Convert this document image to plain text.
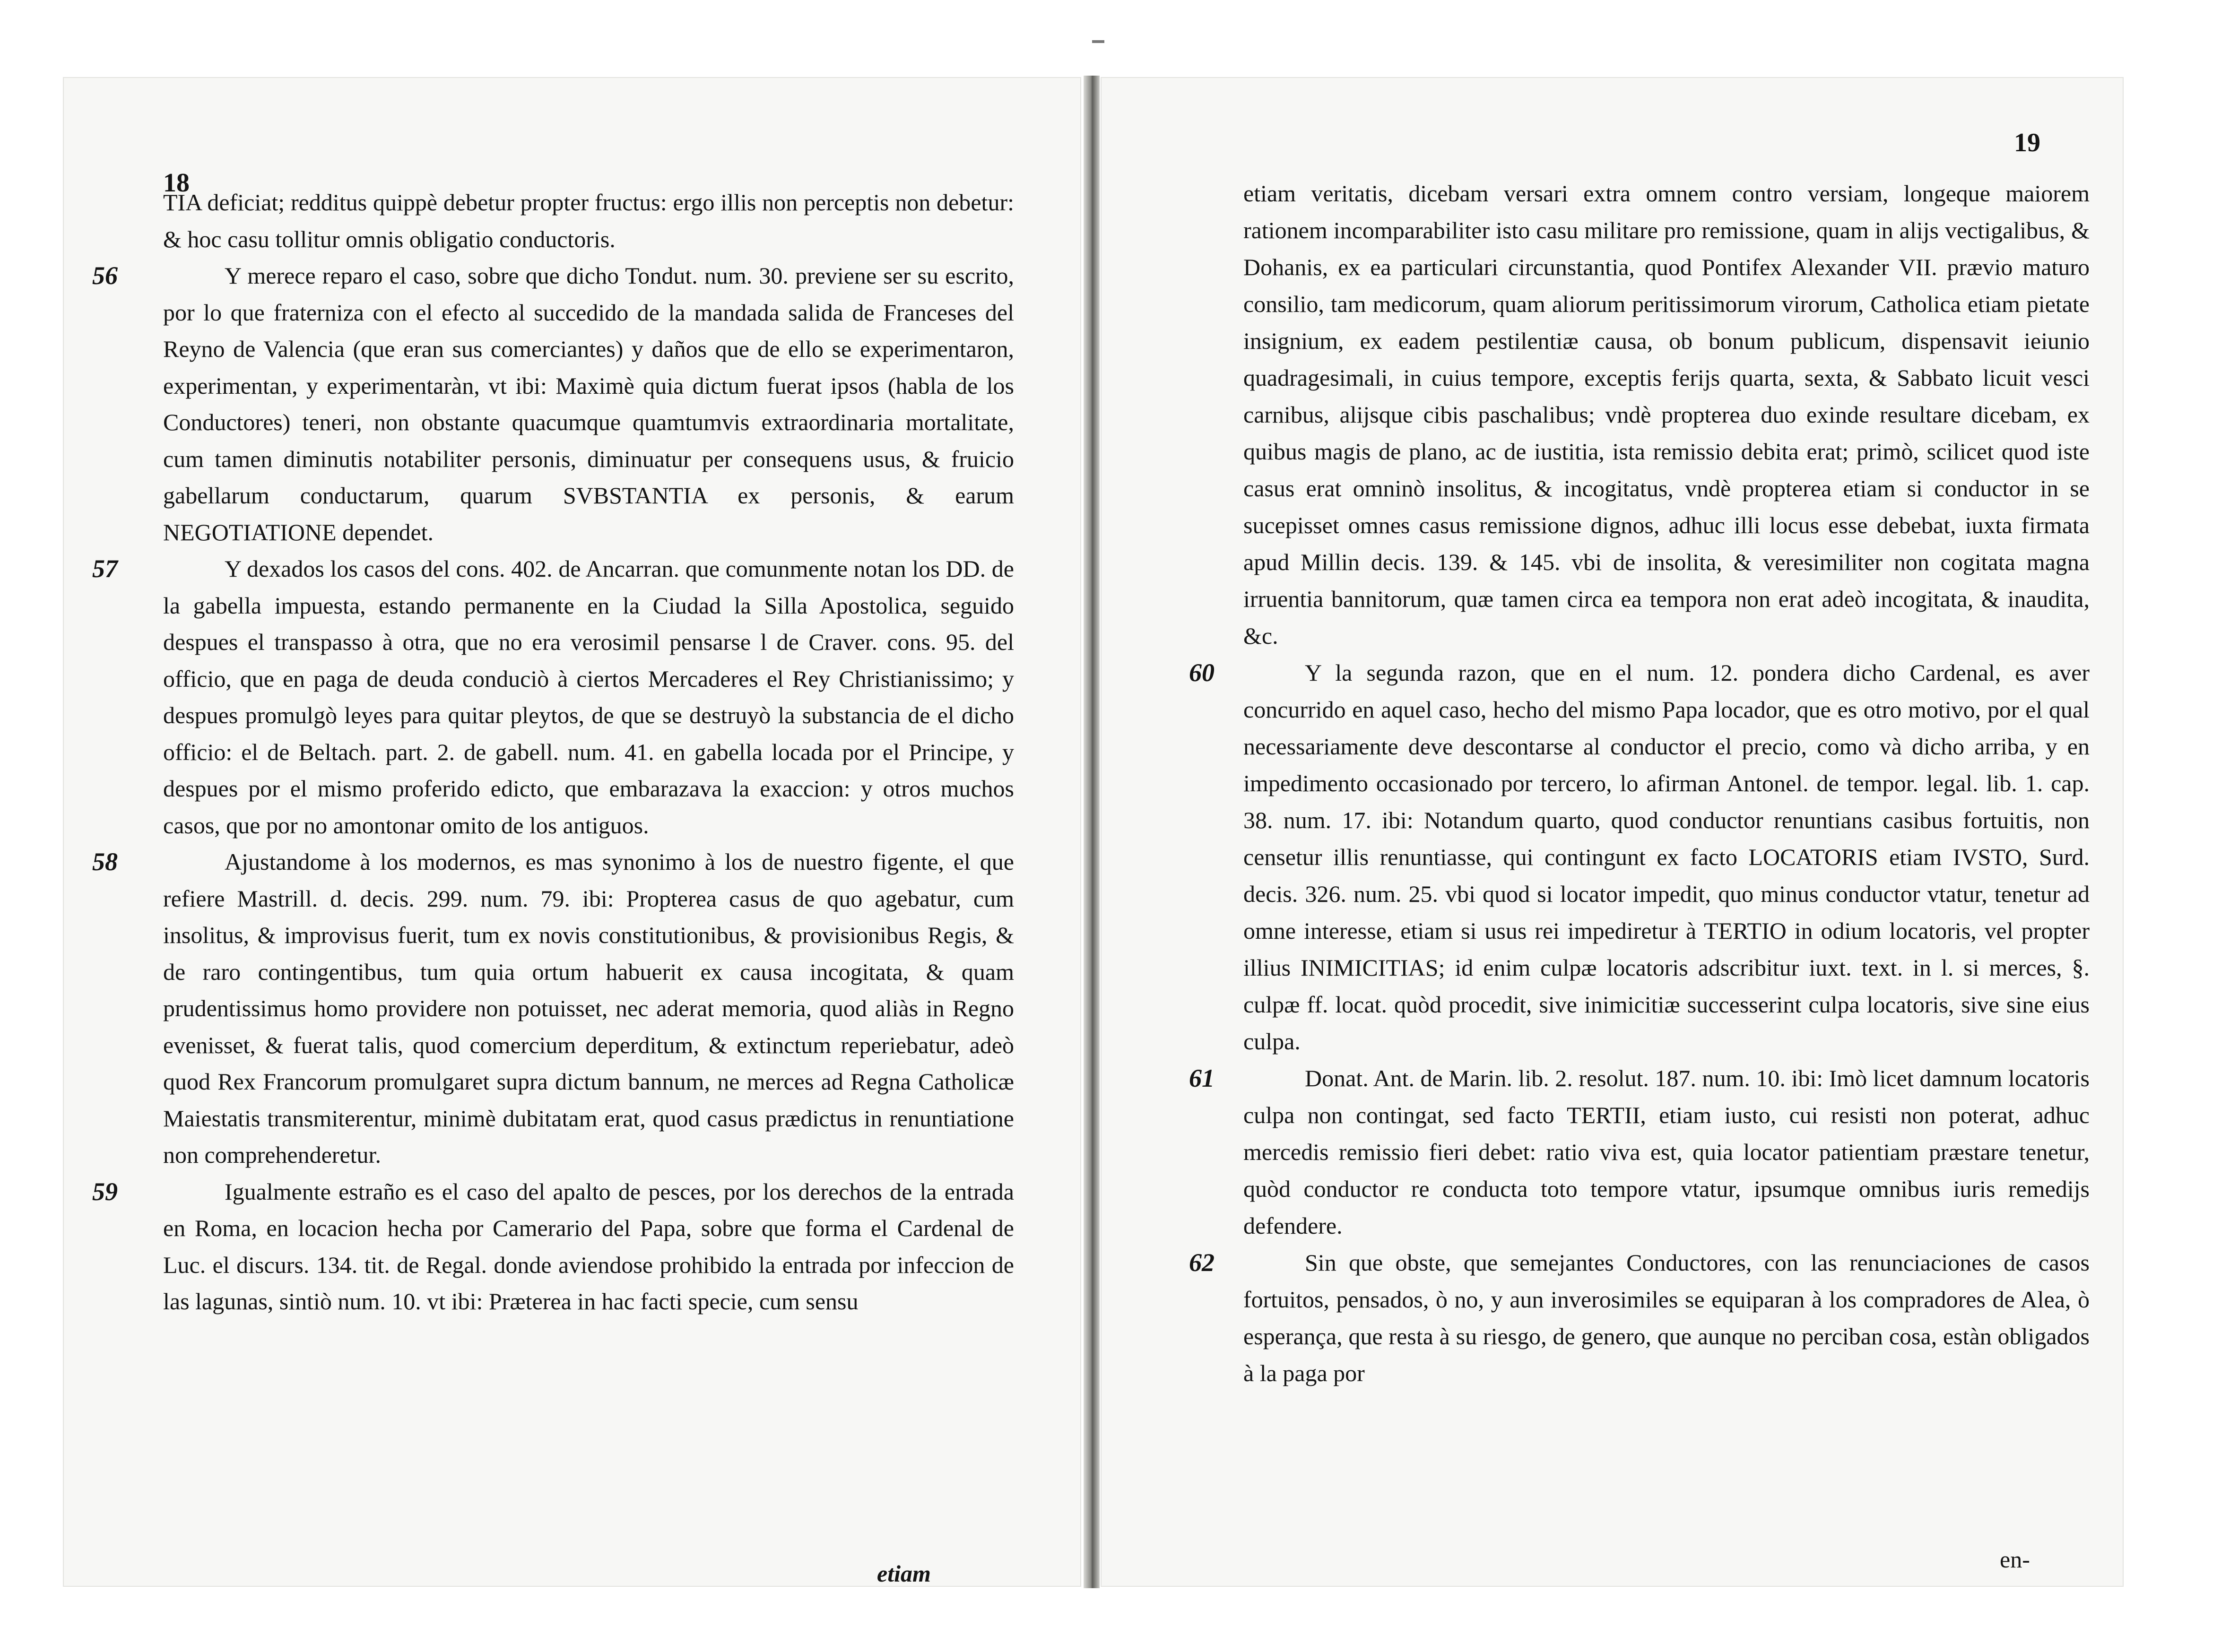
18
TIA deficiat; redditus quippè debetur propter fructus: ergo illis non perceptis non debetur: & hoc casu tollitur omnis obligatio conductoris.
56	Y merece reparo el caso, sobre que dicho Tondut. num. 30. previene ser su escrito, por lo que fraterniza con el efecto al succedido de la mandada salida de Franceses del Reyno de Valencia (que eran sus comerciantes) y daños que de ello se experimentaron, experimentan, y experimentaràn, vt ibi: Maximè quia dictum fuerat ipsos (habla de los Conductores) teneri, non obstante quacumque quamtumvis extraordinaria mortalitate, cum tamen diminutis notabiliter personis, diminuatur per consequens usus, & fruicio gabellarum conductarum, quarum SVBSTANTIA ex personis, & earum NEGOTIATIONE dependet.
57	Y dexados los casos del cons. 402. de Ancarran. que comunmente notan los DD. de la gabella impuesta, estando permanente en la Ciudad la Silla Apostolica, seguido despues el transpasso à otra, que no era verosimil pensarse l de Craver. cons. 95. del officio, que en paga de deuda conduciò à ciertos Mercaderes el Rey Christianissimo; y despues promulgò leyes para quitar pleytos, de que se destruyò la substancia de el dicho officio: el de Beltach. part. 2. de gabell. num. 41. en gabella locada por el Principe, y despues por el mismo proferido edicto, que embarazava la exaccion: y otros muchos casos, que por no amontonar omito de los antiguos.
58	Ajustandome à los modernos, es mas synonimo à los de nuestro figente, el que refiere Mastrill. d. decis. 299. num. 79. ibi: Propterea casus de quo agebatur, cum insolitus, & improvisus fuerit, tum ex novis constitutionibus, & provisionibus Regis, & de raro contingentibus, tum quia ortum habuerit ex causa incogitata, & quam prudentissimus homo providere non potuisset, nec aderat memoria, quod aliàs in Regno evenisset, & fuerat talis, quod comercium deperditum, & extinctum reperiebatur, adeò quod Rex Francorum promulgaret supra dictum bannum, ne merces ad Regna Catholicæ Maiestatis transmiterentur, minimè dubitatam erat, quod casus prædictus in renuntiatione non comprehenderetur.
59	Igualmente estraño es el caso del apalto de pesces, por los derechos de la entrada en Roma, en locacion hecha por Camerario del Papa, sobre que forma el Cardenal de Luc. el discurs. 134. tit. de Regal. donde aviendose prohibido la entrada por infeccion de las lagunas, sintiò num. 10. vt ibi: Præterea in hac facti specie, cum sensu
etiam
19
etiam veritatis, dicebam versari extra omnem contro versiam, longeque maiorem rationem incomparabiliter isto casu militare pro remissione, quam in alijs vectigalibus, & Dohanis, ex ea particulari circunstantia, quod Pontifex Alexander VII. prævio maturo consilio, tam medicorum, quam aliorum peritissimorum virorum, Catholica etiam pietate insignium, ex eadem pestilentiæ causa, ob bonum publicum, dispensavit ieiunio quadragesimali, in cuius tempore, exceptis ferijs quarta, sexta, & Sabbato licuit vesci carnibus, alijsque cibis paschalibus; vndè propterea duo exinde resultare dicebam, ex quibus magis de plano, ac de iustitia, ista remissio debita erat; primò, scilicet quod iste casus erat omninò insolitus, & incogitatus, vndè propterea etiam si conductor in se sucepisset omnes casus remissione dignos, adhuc illi locus esse debebat, iuxta firmata apud Millin decis. 139. & 145. vbi de insolita, & veresimiliter non cogitata magna irruentia bannitorum, quæ tamen circa ea tempora non erat adeò incogitata, & inaudita, &c.
60	Y la segunda razon, que en el num. 12. pondera dicho Cardenal, es aver concurrido en aquel caso, hecho del mismo Papa locador, que es otro motivo, por el qual necessariamente deve descontarse al conductor el precio, como và dicho arriba, y en impedimento occasionado por tercero, lo afirman Antonel. de tempor. legal. lib. 1. cap. 38. num. 17. ibi: Notandum quarto, quod conductor renuntians casibus fortuitis, non censetur illis renuntiasse, qui contingunt ex facto LOCATORIS etiam IVSTO, Surd. decis. 326. num. 25. vbi quod si locator impedit, quo minus conductor vtatur, tenetur ad omne interesse, etiam si usus rei impediretur à TERTIO in odium locatoris, vel propter illius INIMICITIAS; id enim culpæ locatoris adscribitur iuxt. text. in l. si merces, §. culpæ ff. locat. quòd procedit, sive inimicitiæ successerint culpa locatoris, sive sine eius culpa.
61	Donat. Ant. de Marin. lib. 2. resolut. 187. num. 10. ibi: Imò licet damnum locatoris culpa non contingat, sed facto TERTII, etiam iusto, cui resisti non poterat, adhuc mercedis remissio fieri debet: ratio viva est, quia locator patientiam præstare tenetur, quòd conductor re conducta toto tempore vtatur, ipsumque omnibus iuris remedijs defendere.
62	Sin que obste, que semejantes Conductores, con las renunciaciones de casos fortuitos, pensados, ò no, y aun inverosimiles se equiparan à los compradores de Alea, ò esperança, que resta à su riesgo, de genero, que aunque no perciban cosa, estàn obligados à la paga por
en-
